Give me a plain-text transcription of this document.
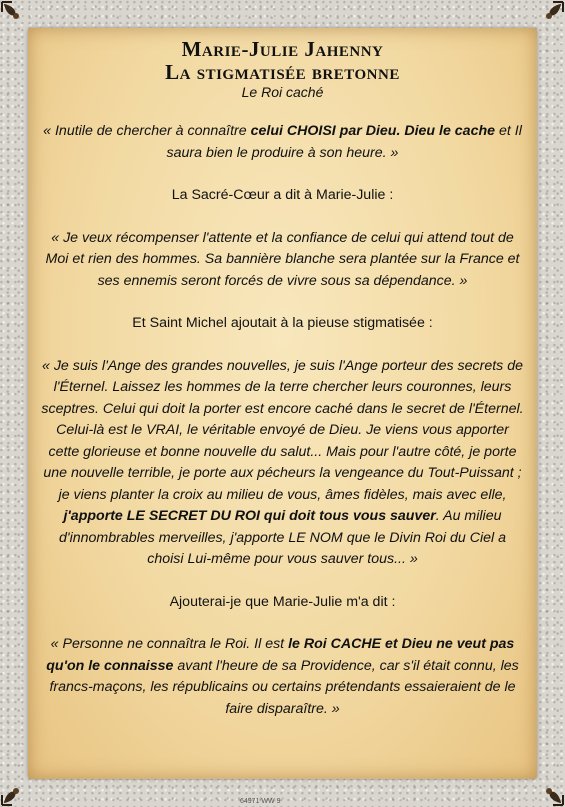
Marie-Julie Jahenny
La stigmatisée bretonne
Le Roi caché

« Inutile de chercher à connaître celui CHOISI par Dieu. Dieu le cache et Il saura bien le produire à son heure. »

La Sacré-Cœur a dit à Marie-Julie :

« Je veux récompenser l'attente et la confiance de celui qui attend tout de Moi et rien des hommes. Sa bannière blanche sera plantée sur la France et ses ennemis seront forcés de vivre sous sa dépendance. »

Et Saint Michel ajoutait à la pieuse stigmatisée :

« Je suis l'Ange des grandes nouvelles, je suis l'Ange porteur des secrets de l'Éternel. Laissez les hommes de la terre chercher leurs couronnes, leurs sceptres. Celui qui doit la porter est encore caché dans le secret de l'Éternel. Celui-là est le VRAI, le véritable envoyé de Dieu. Je viens vous apporter cette glorieuse et bonne nouvelle du salut... Mais pour l'autre côté, je porte une nouvelle terrible, je porte aux pécheurs la vengeance du Tout-Puissant ; je viens planter la croix au milieu de vous, âmes fidèles, mais avec elle, j'apporte LE SECRET DU ROI qui doit tous vous sauver. Au milieu d'innombrables merveilles, j'apporte LE NOM que le Divin Roi du Ciel a choisi Lui-même pour vous sauver tous... »

Ajouterai-je que Marie-Julie m'a dit :

« Personne ne connaîtra le Roi. Il est le Roi CACHE et Dieu ne veut pas qu'on le connaisse avant l'heure de sa Providence, car s'il était connu, les francs-maçons, les républicains ou certains prétendants essaieraient de le faire disparaître. »

64971 WW 9
